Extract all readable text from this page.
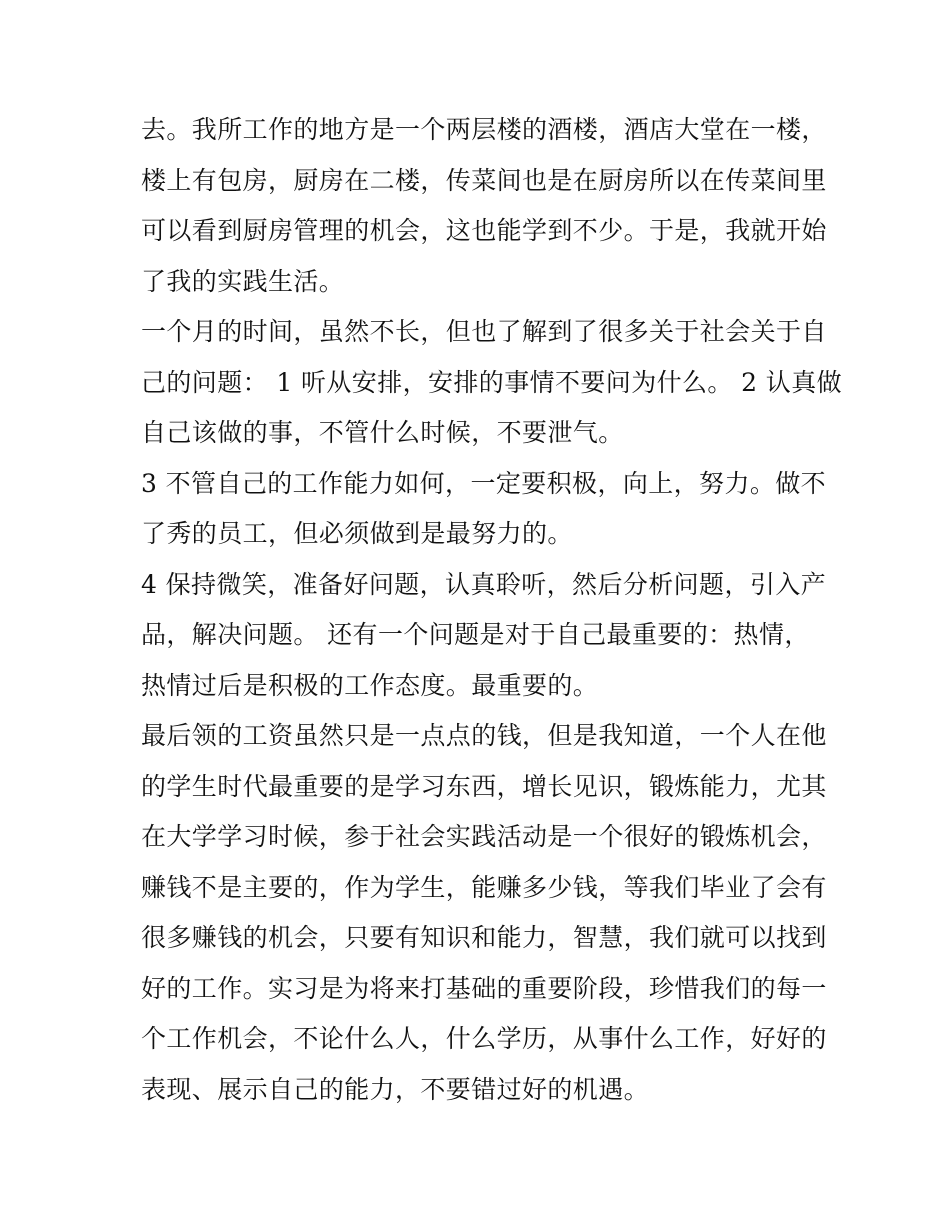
去。我所工作的地方是一个两层楼的酒楼，酒店大堂在一楼，
楼上有包房，厨房在二楼，传菜间也是在厨房所以在传菜间里
可以看到厨房管理的机会，这也能学到不少。于是，我就开始
了我的实践生活。
一个月的时间，虽然不长，但也了解到了很多关于社会关于自
己的问题： 1 听从安排，安排的事情不要问为什么。 2 认真做
自己该做的事，不管什么时候，不要泄气。
3 不管自己的工作能力如何，一定要积极，向上，努力。做不
了秀的员工，但必须做到是最努力的。
4 保持微笑，准备好问题，认真聆听，然后分析问题，引入产
品，解决问题。 还有一个问题是对于自己最重要的：热情，
热情过后是积极的工作态度。最重要的。
最后领的工资虽然只是一点点的钱，但是我知道，一个人在他
的学生时代最重要的是学习东西，增长见识，锻炼能力，尤其
在大学学习时候，参于社会实践活动是一个很好的锻炼机会，
赚钱不是主要的，作为学生，能赚多少钱，等我们毕业了会有
很多赚钱的机会，只要有知识和能力，智慧，我们就可以找到
好的工作。实习是为将来打基础的重要阶段，珍惜我们的每一
个工作机会，不论什么人，什么学历，从事什么工作，好好的
表现、展示自己的能力，不要错过好的机遇。
